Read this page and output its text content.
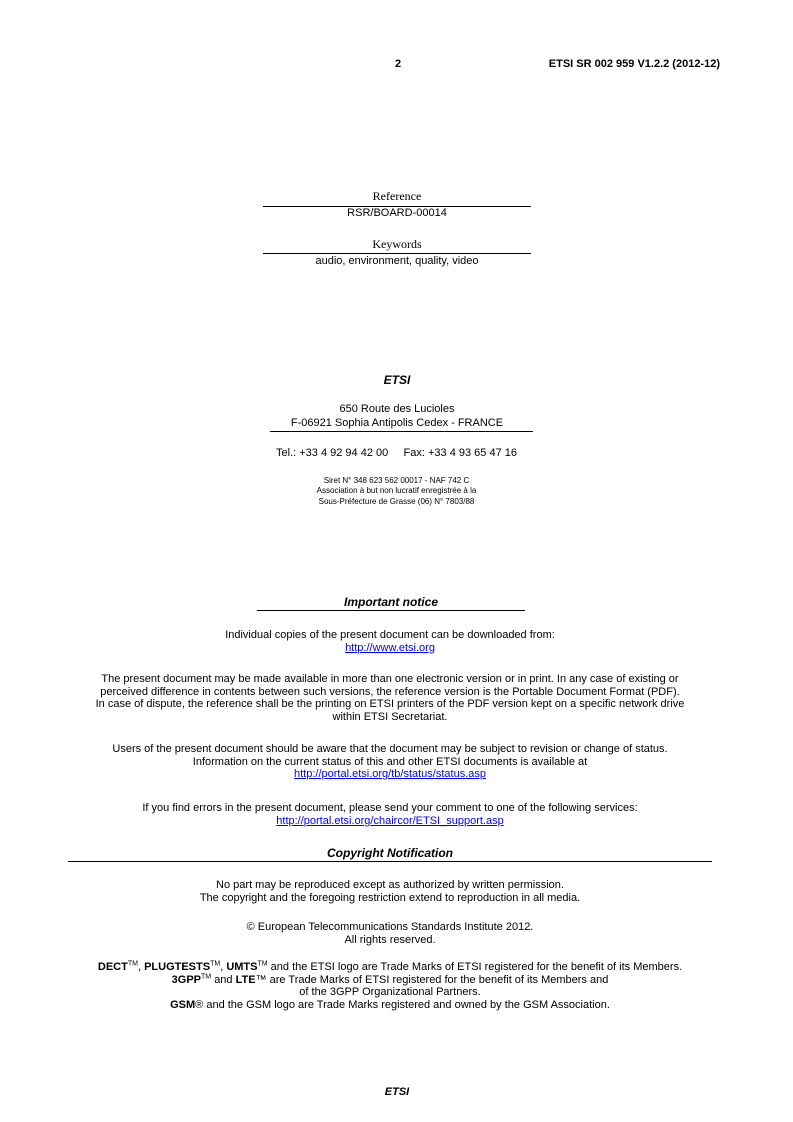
2	ETSI SR 002 959 V1.2.2 (2012-12)
Reference
RSR/BOARD-00014
Keywords
audio, environment, quality, video
ETSI
650 Route des Lucioles
F-06921 Sophia Antipolis Cedex - FRANCE
Tel.: +33 4 92 94 42 00 Fax: +33 4 93 65 47 16
Siret N° 348 623 562 00017 - NAF 742 C
Association à but non lucratif enregistrée à la
Sous-Préfecture de Grasse (06) N° 7803/88
Important notice
Individual copies of the present document can be downloaded from:
http://www.etsi.org
The present document may be made available in more than one electronic version or in print. In any case of existing or
perceived difference in contents between such versions, the reference version is the Portable Document Format (PDF).
In case of dispute, the reference shall be the printing on ETSI printers of the PDF version kept on a specific network drive
within ETSI Secretariat.
Users of the present document should be aware that the document may be subject to revision or change of status.
Information on the current status of this and other ETSI documents is available at
http://portal.etsi.org/tb/status/status.asp
If you find errors in the present document, please send your comment to one of the following services:
http://portal.etsi.org/chaircor/ETSI_support.asp
Copyright Notification
No part may be reproduced except as authorized by written permission.
The copyright and the foregoing restriction extend to reproduction in all media.
© European Telecommunications Standards Institute 2012.
All rights reserved.
DECT™, PLUGTESTS™, UMTS™ and the ETSI logo are Trade Marks of ETSI registered for the benefit of its Members.
3GPP™ and LTE™ are Trade Marks of ETSI registered for the benefit of its Members and
of the 3GPP Organizational Partners.
GSM® and the GSM logo are Trade Marks registered and owned by the GSM Association.
ETSI
